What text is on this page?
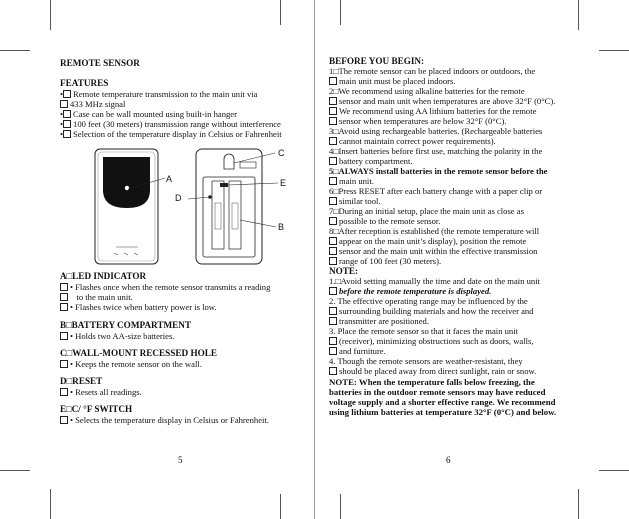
REMOTE SENSOR
FEATURES
• Remote temperature transmission to the main unit via
433 MHz signal
• Case can be wall mounted using built-in hanger
• 100 feet (30 meters) transmission range without interference
• Selection of the temperature display in Celsius or Fahrenheit
A
C
E
D
B
A□LED INDICATOR
• Flashes once when the remote sensor transmits a reading
to the main unit.
• Flashes twice when battery power is low.
B□BATTERY COMPARTMENT
• Holds two AA-size batteries.
C□WALL-MOUNT RECESSED HOLE
• Keeps the remote sensor on the wall.
D□RESET
• Resets all readings.
E□C/ °F SWITCH
• Selects the temperature display in Celsius or Fahrenheit.
5
BEFORE YOU BEGIN:
1□The remote sensor can be placed indoors or outdoors, the
main unit must be placed indoors.
2□We recommend using alkaline batteries for the remote
sensor and main unit when temperatures are above 32°F (0°C).
We recommend using AA lithium batteries for the remote
sensor when temperatures are below 32°F (0°C).
3□Avoid using rechargeable batteries. (Rechargeable batteries
cannot maintain correct power requirements).
4□Insert batteries before first use, matching the polarity in the
battery compartment.
5□ALWAYS install batteries in the remote sensor before the
main unit.
6□Press RESET after each battery change with a paper clip or
similar tool.
7□During an initial setup, place the main unit as close as
possible to the remote sensor.
8□After reception is established (the remote temperature will
appear on the main unit’s display), position the remote
sensor and the main unit within the effective transmission
range of 100 feet (30 meters).
NOTE:
1.□Avoid setting manually the time and date on the main unit
before the remote temperature is displayed.
2. The effective operating range may be influenced by the
surrounding building materials and how the receiver and
transmitter are positioned.
3. Place the remote sensor so that it faces the main unit
(receiver), minimizing obstructions such as doors, walls,
and furniture.
4. Though the remote sensors are weather-resistant, they
should be placed away from direct sunlight, rain or snow.
NOTE: When the temperature falls below freezing, the
batteries in the outdoor remote sensors may have reduced
voltage supply and a shorter effective range. We recommend
using lithium batteries at temperature 32°F (0°C) and below.
6
